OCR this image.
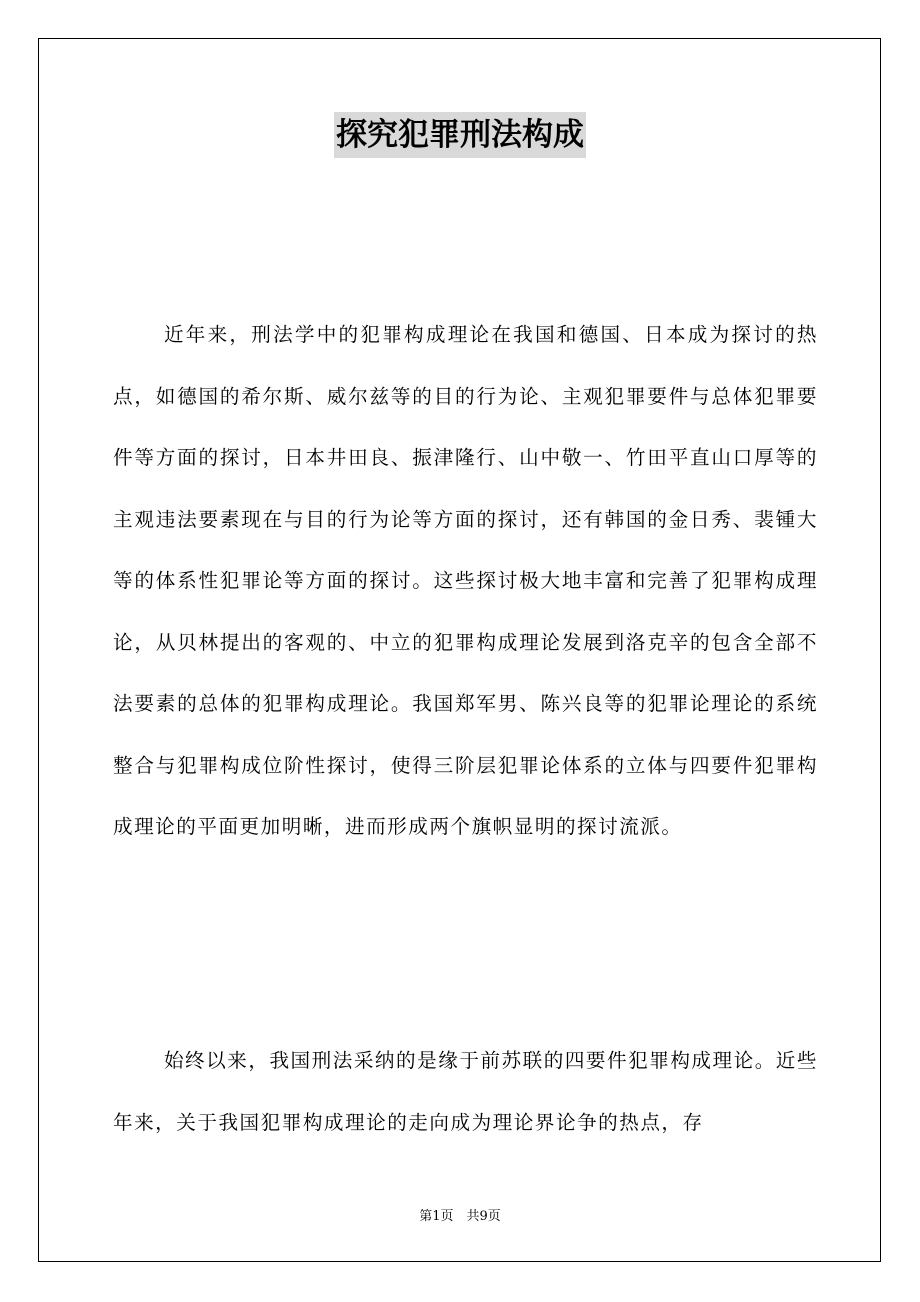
探究犯罪刑法构成

近年来，刑法学中的犯罪构成理论在我国和德国、日本成为探讨的热点，如德国的希尔斯、威尔兹等的目的行为论、主观犯罪要件与总体犯罪要件等方面的探讨，日本井田良、振津隆行、山中敬一、竹田平直山口厚等的主观违法要素现在与目的行为论等方面的探讨，还有韩国的金日秀、裴锺大等的体系性犯罪论等方面的探讨。这些探讨极大地丰富和完善了犯罪构成理论，从贝林提出的客观的、中立的犯罪构成理论发展到洛克辛的包含全部不法要素的总体的犯罪构成理论。我国郑军男、陈兴良等的犯罪论理论的系统整合与犯罪构成位阶性探讨，使得三阶层犯罪论体系的立体与四要件犯罪构成理论的平面更加明晰，进而形成两个旗帜显明的探讨流派。

始终以来，我国刑法采纳的是缘于前苏联的四要件犯罪构成理论。近些年来，关于我国犯罪构成理论的走向成为理论界论争的热点，存

第1页　共9页
